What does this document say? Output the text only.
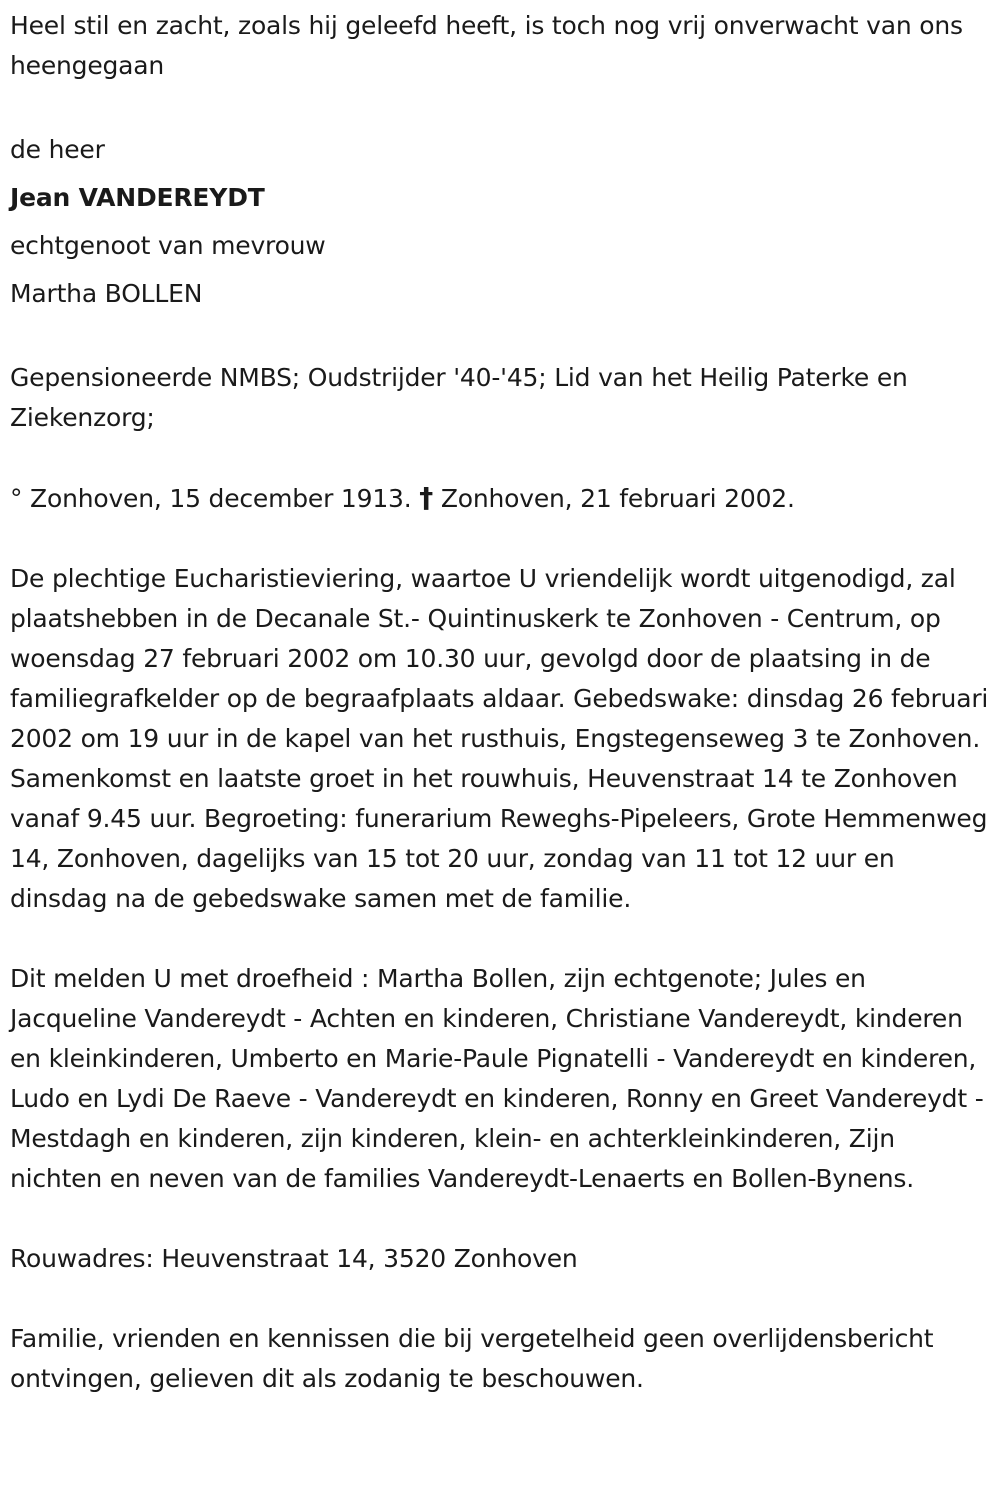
Heel stil en zacht, zoals hij geleefd heeft, is toch nog vrij onverwacht van ons heengegaan

de heer

Jean VANDEREYDT

echtgenoot van mevrouw

Martha BOLLEN

Gepensioneerde NMBS; Oudstrijder '40-'45; Lid van het Heilig Paterke en Ziekenzorg;

° Zonhoven, 15 december 1913. † Zonhoven, 21 februari 2002.

De plechtige Eucharistieviering, waartoe U vriendelijk wordt uitgenodigd, zal plaatshebben in de Decanale St.- Quintinuskerk te Zonhoven - Centrum, op woensdag 27 februari 2002 om 10.30 uur, gevolgd door de plaatsing in de familiegrafkelder op de begraafplaats aldaar. Gebedswake: dinsdag 26 februari 2002 om 19 uur in de kapel van het rusthuis, Engstegenseweg 3 te Zonhoven. Samenkomst en laatste groet in het rouwhuis, Heuvenstraat 14 te Zonhoven vanaf 9.45 uur. Begroeting: funerarium Reweghs-Pipeleers, Grote Hemmenweg 14, Zonhoven, dagelijks van 15 tot 20 uur, zondag van 11 tot 12 uur en dinsdag na de gebedswake samen met de familie.

Dit melden U met droefheid : Martha Bollen, zijn echtgenote; Jules en Jacqueline Vandereydt - Achten en kinderen, Christiane Vandereydt, kinderen en kleinkinderen, Umberto en Marie-Paule Pignatelli - Vandereydt en kinderen, Ludo en Lydi De Raeve - Vandereydt en kinderen, Ronny en Greet Vandereydt - Mestdagh en kinderen, zijn kinderen, klein- en achterkleinkinderen, Zijn nichten en neven van de families Vandereydt-Lenaerts en Bollen-Bynens.

Rouwadres: Heuvenstraat 14, 3520 Zonhoven

Familie, vrienden en kennissen die bij vergetelheid geen overlijdensbericht ontvingen, gelieven dit als zodanig te beschouwen.
